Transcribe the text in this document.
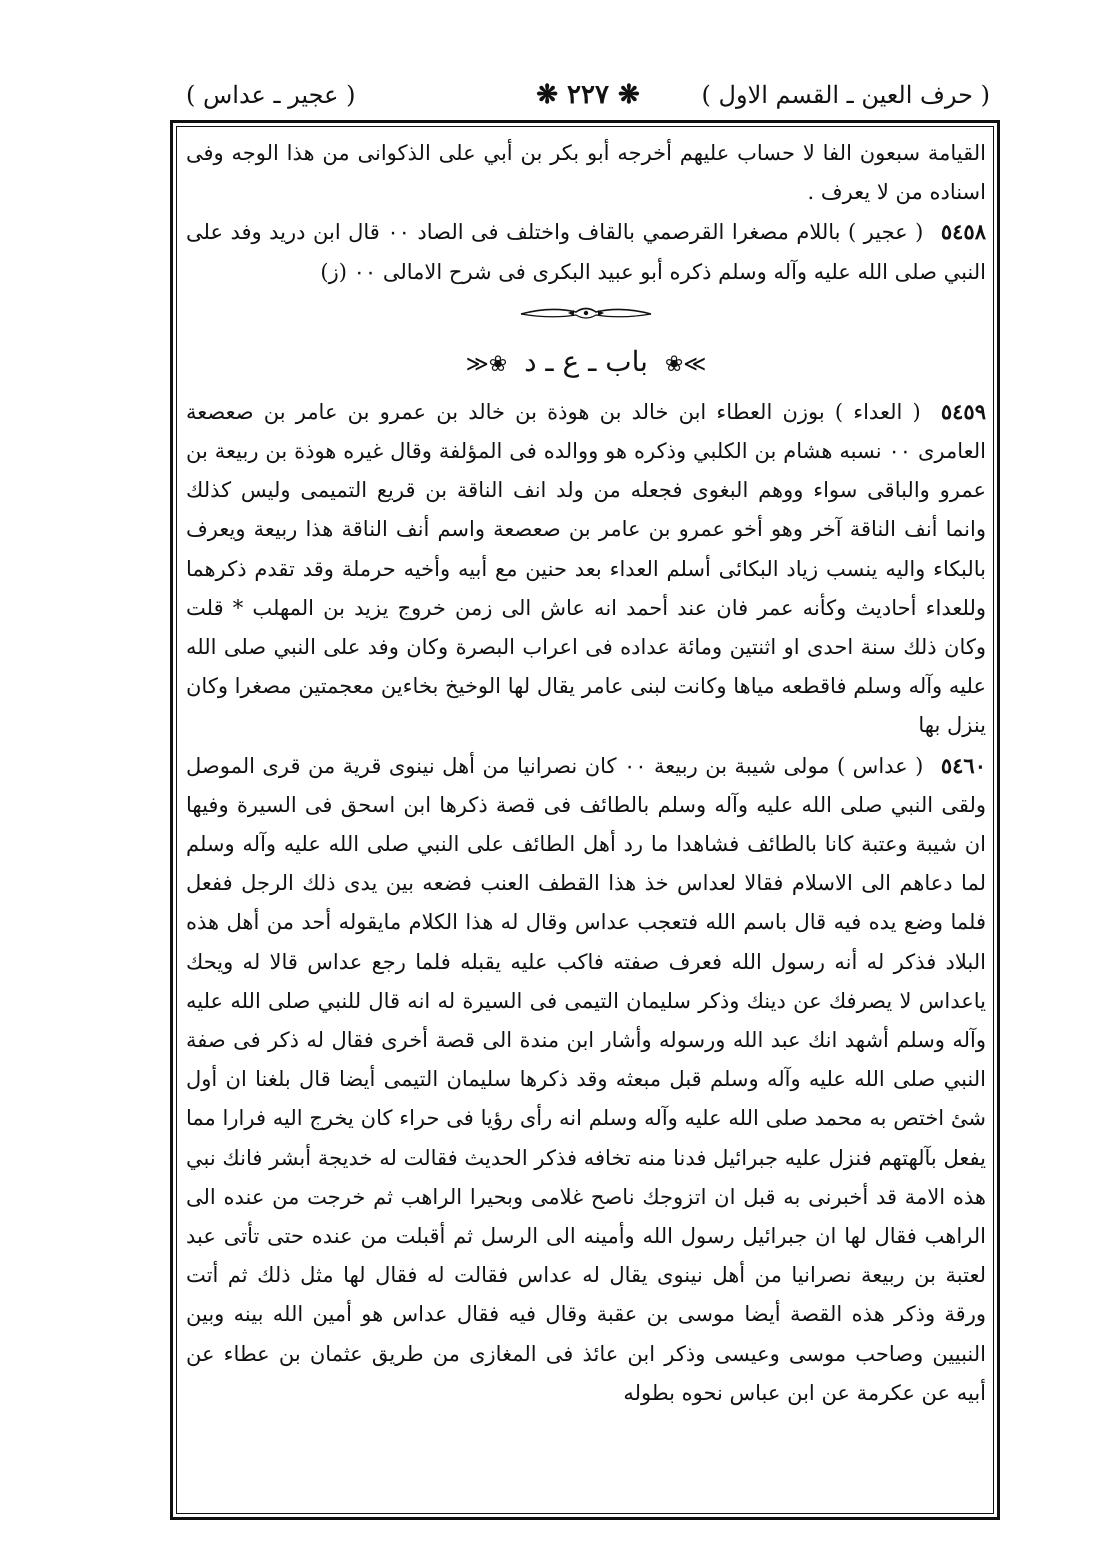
( حرف العين ـ القسم الاول )
❋ ٢٢٧ ❋
( عجير ـ عداس )

القيامة سبعون الفا لا حساب عليهم أخرجه أبو بكر بن أبي على الذكوانى من هذا الوجه وفى اسناده من لا يعرف .

٥٤٥٨ ( عجير ) باللام مصغرا القرصمي بالقاف واختلف فى الصاد ٠٠ قال ابن دريد وفد على النبي صلى الله عليه وآله وسلم ذكره أبو عبيد البكرى فى شرح الامالى ٠٠ (ز)

❀≪ باب ـ ع ـ د ≫❀

٥٤٥٩ ( العداء ) بوزن العطاء ابن خالد بن هوذة بن خالد بن عمرو بن عامر بن صعصعة العامرى ٠٠ نسبه هشام بن الكلبي وذكره هو ووالده فى المؤلفة وقال غيره هوذة بن ربيعة بن عمرو والباقى سواء ووهم البغوى فجعله من ولد انف الناقة بن قريع التميمى وليس كذلك وانما أنف الناقة آخر وهو أخو عمرو بن عامر بن صعصعة واسم أنف الناقة هذا ربيعة ويعرف بالبكاء واليه ينسب زياد البكائى أسلم العداء بعد حنين مع أبيه وأخيه حرملة وقد تقدم ذكرهما وللعداء أحاديث وكأنه عمر فان عند أحمد انه عاش الى زمن خروج يزيد بن المهلب * قلت وكان ذلك سنة احدى او اثنتين ومائة عداده فى اعراب البصرة وكان وفد على النبي صلى الله عليه وآله وسلم فاقطعه مياها وكانت لبنى عامر يقال لها الوخيخ بخاءين معجمتين مصغرا وكان ينزل بها

٥٤٦٠ ( عداس ) مولى شيبة بن ربيعة ٠٠ كان نصرانيا من أهل نينوى قرية من قرى الموصل ولقى النبي صلى الله عليه وآله وسلم بالطائف فى قصة ذكرها ابن اسحق فى السيرة وفيها ان شيبة وعتبة كانا بالطائف فشاهدا ما رد أهل الطائف على النبي صلى الله عليه وآله وسلم لما دعاهم الى الاسلام فقالا لعداس خذ هذا القطف العنب فضعه بين يدى ذلك الرجل ففعل فلما وضع يده فيه قال باسم الله فتعجب عداس وقال له هذا الكلام مايقوله أحد من أهل هذه البلاد فذكر له أنه رسول الله فعرف صفته فاكب عليه يقبله فلما رجع عداس قالا له ويحك ياعداس لا يصرفك عن دينك وذكر سليمان التيمى فى السيرة له انه قال للنبي صلى الله عليه وآله وسلم أشهد انك عبد الله ورسوله وأشار ابن مندة الى قصة أخرى فقال له ذكر فى صفة النبي صلى الله عليه وآله وسلم قبل مبعثه وقد ذكرها سليمان التيمى أيضا قال بلغنا ان أول شئ اختص به محمد صلى الله عليه وآله وسلم انه رأى رؤيا فى حراء كان يخرج اليه فرارا مما يفعل بآلهتهم فنزل عليه جبرائيل فدنا منه تخافه فذكر الحديث فقالت له خديجة أبشر فانك نبي هذه الامة قد أخبرنى به قبل ان اتزوجك ناصح غلامى وبحيرا الراهب ثم خرجت من عنده الى الراهب فقال لها ان جبرائيل رسول الله وأمينه الى الرسل ثم أقبلت من عنده حتى تأتى عبد لعتبة بن ربيعة نصرانيا من أهل نينوى يقال له عداس فقالت له فقال لها مثل ذلك ثم أتت ورقة وذكر هذه القصة أيضا موسى بن عقبة وقال فيه فقال عداس هو أمين الله بينه وبين النبيين وصاحب موسى وعيسى وذكر ابن عائذ فى المغازى من طريق عثمان بن عطاء عن أبيه عن عكرمة عن ابن عباس نحوه بطوله
